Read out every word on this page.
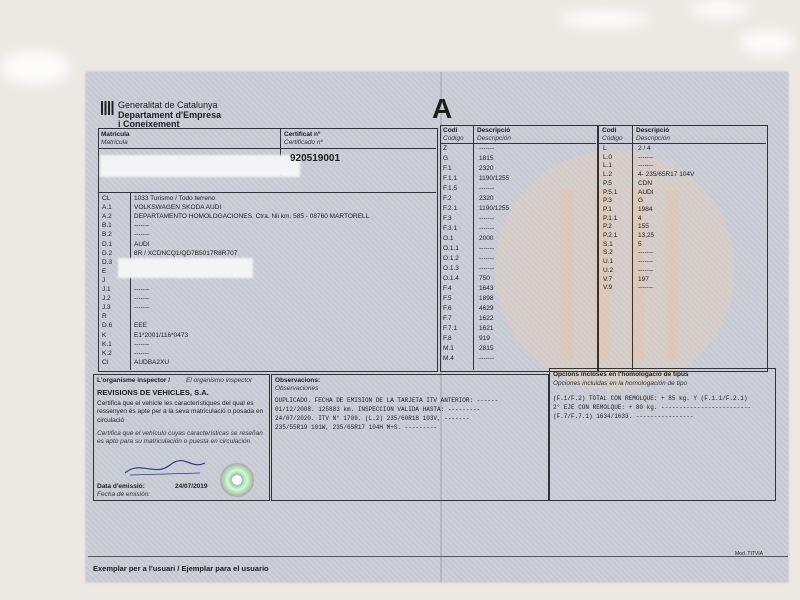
Generalitat de Catalunya
Departament d'Empresa
i Coneixement	A
Matrícula
Matrícula
Certificat nº
Certificado nº
920519001
CL	1033 Turismo / Todo terreno
A.1	VOLKSWAGEN SKODA AUDI
A.2	DEPARTAMENTO HOMOLOGACIONES. Ctra. Nii km. 585 - 08760 MARTORELL
B.1	-------
B.2	-------
D.1	AUDI
D.2	8R / XCDNCQ1/QD7B5017R8R707
D.3
E
J
J.1	-------
J.2	-------
J.3	-------
R
D.6	EEE
K	E1*2001/116*0473
K.1	-------
K.2	-------
CI	AUDBA2XU
Codi
Código
Descripció
Descripción
Z	-------
G	1815
F.1	2320
F.1.1	1190/1255
F.1.5	-------
F.2	2320
F.2.1	1190/1255
F.3	-------
F.3.1	-------
O.1	2000
O.1.1	-------
O.1.2	-------
O.1.3	-------
O.1.4	750
F.4	1643
F.5	1898
F.6	4629
F.7	1622
F.7.1	1621
F.8	919
M.1	2815
M.4	-------
Codi
Código
Descripció
Descripción
L	2 / 4
L.0	-------
L.1	-------
L.2	4- 235/65R17 104V
P.5	CDN
P.5.1	AUDI
P.3	G
P.1	1984
P.1.1	4
P.2	155
P.2.1	13,25
S.1	5
S.2	-------
U.1	-------
U.2	-------
V.7	197
V.9	-------
L'organisme inspector / El organismo inspector
REVISIONS DE VEHICLES, S.A.
Certifica que el vehicle les característiques del qual es ressenyen és apte per a la seva matriculació o posada en circulació
Certifica que el vehículo cuyas características se reseñan es apto para su matriculación o puesta en circulación
Data d'emissió:	24/07/2019
Fecha de emisión:
Observacions:
Observaciones
DUPLICADO. FECHA DE EMISION DE LA TARJETA ITV ANTERIOR: ------
01/12/2008. 125883 km. INSPECCION VALIDA HASTA: ---------
24/07/2020. ITV N° 1709. (L.2) 235/60R18 103V, -------
235/55R19 101W, 235/65R17 104H M+S. ---------
Opcions incloses en l'homologació de tipus
Opciones incluidas en la homologación de tipo
(F.1/F.2) TOTAL CON REMOLQUE: + 85 kg. Y (F.1.1/F.2.1)
2° EJE CON REMOLQUE: + 80 kg. -------------------------
(F.7/F.7.1) 1634/1633. ----------------
Exemplar per a l'usuari / Ejemplar para el usuario
Mod. TITVIA
